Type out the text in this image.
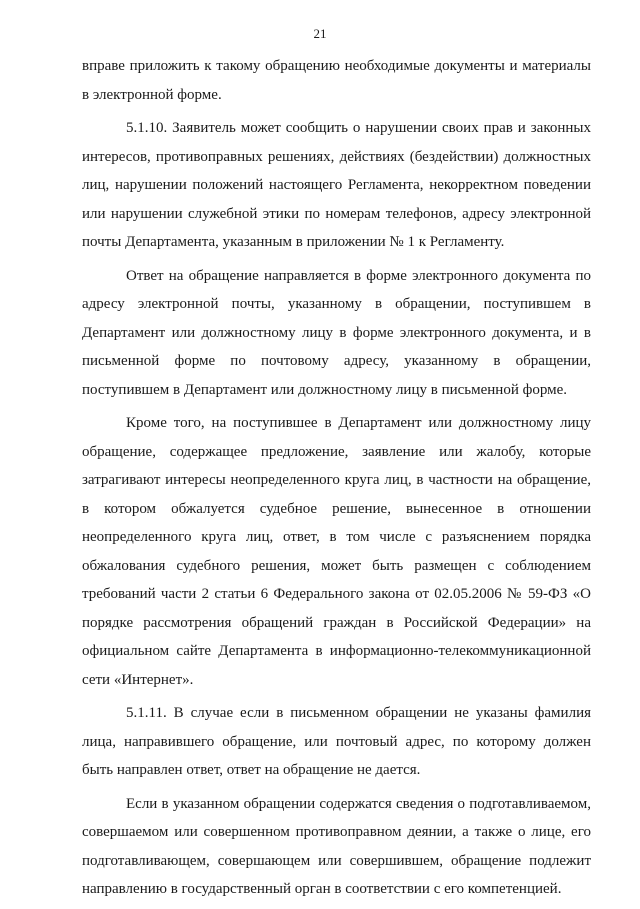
21

вправе приложить к такому обращению необходимые документы и материалы в электронной форме.

5.1.10. Заявитель может сообщить о нарушении своих прав и законных интересов, противоправных решениях, действиях (бездействии) должностных лиц, нарушении положений настоящего Регламента, некорректном поведении или нарушении служебной этики по номерам телефонов, адресу электронной почты Департамента, указанным в приложении № 1 к Регламенту.

Ответ на обращение направляется в форме электронного документа по адресу электронной почты, указанному в обращении, поступившем в Департамент или должностному лицу в форме электронного документа, и в письменной форме по почтовому адресу, указанному в обращении, поступившем в Департамент или должностному лицу в письменной форме.

Кроме того, на поступившее в Департамент или должностному лицу обращение, содержащее предложение, заявление или жалобу, которые затрагивают интересы неопределенного круга лиц, в частности на обращение, в котором обжалуется судебное решение, вынесенное в отношении неопределенного круга лиц, ответ, в том числе с разъяснением порядка обжалования судебного решения, может быть размещен с соблюдением требований части 2 статьи 6 Федерального закона от 02.05.2006 № 59-ФЗ «О порядке рассмотрения обращений граждан в Российской Федерации» на официальном сайте Департамента в информационно-телекоммуникационной сети «Интернет».

5.1.11. В случае если в письменном обращении не указаны фамилия лица, направившего обращение, или почтовый адрес, по которому должен быть направлен ответ, ответ на обращение не дается.

Если в указанном обращении содержатся сведения о подготавливаемом, совершаемом или совершенном противоправном деянии, а также о лице, его подготавливающем, совершающем или совершившем, обращение подлежит направлению в государственный орган в соответствии с его компетенцией.
